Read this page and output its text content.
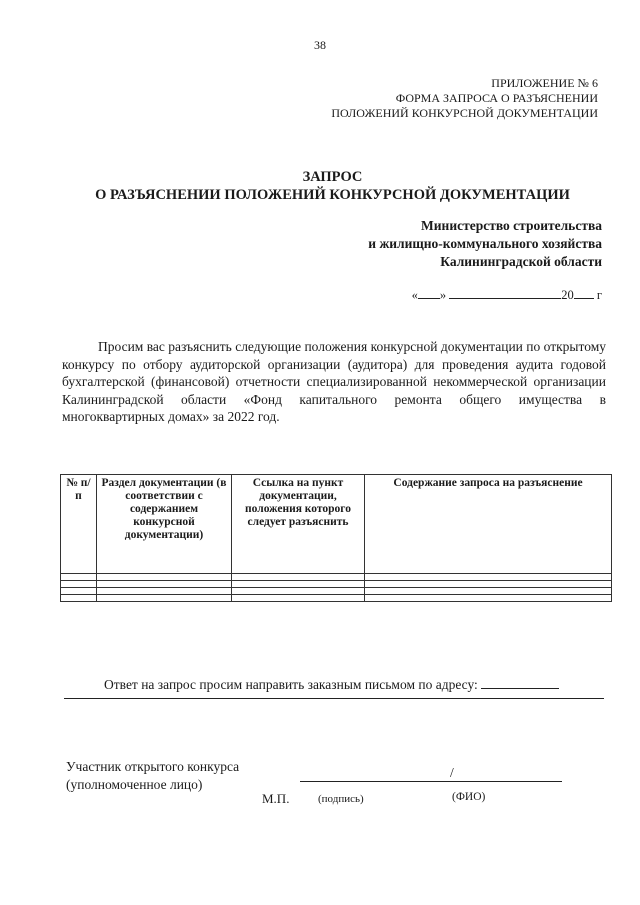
38
ПРИЛОЖЕНИЕ № 6
ФОРМА ЗАПРОСА О РАЗЪЯСНЕНИИ
ПОЛОЖЕНИЙ КОНКУРСНОЙ ДОКУМЕНТАЦИИ
ЗАПРОС
О РАЗЪЯСНЕНИИ ПОЛОЖЕНИЙ КОНКУРСНОЙ ДОКУМЕНТАЦИИ
Министерство строительства
и жилищно-коммунального хозяйства
Калининградской области
« »	20 г
Просим вас разъяснить следующие положения конкурсной документации по открытому конкурсу по отбору аудиторской организации (аудитора) для проведения аудита годовой бухгалтерской (финансовой) отчетности специализированной некоммерческой организации Калининградской области «Фонд капитального ремонта общего имущества в многоквартирных домах» за 2022 год.
№ п/п	Раздел документации (в соответствии с содержанием конкурсной документации)	Ссылка на пункт документации, положения которого следует разъяснить	Содержание запроса на разъяснение

Ответ на запрос просим направить заказным письмом по адресу:
Участник открытого конкурса
(уполномоченное лицо)
/
М.П.	(подпись)	(ФИО)
